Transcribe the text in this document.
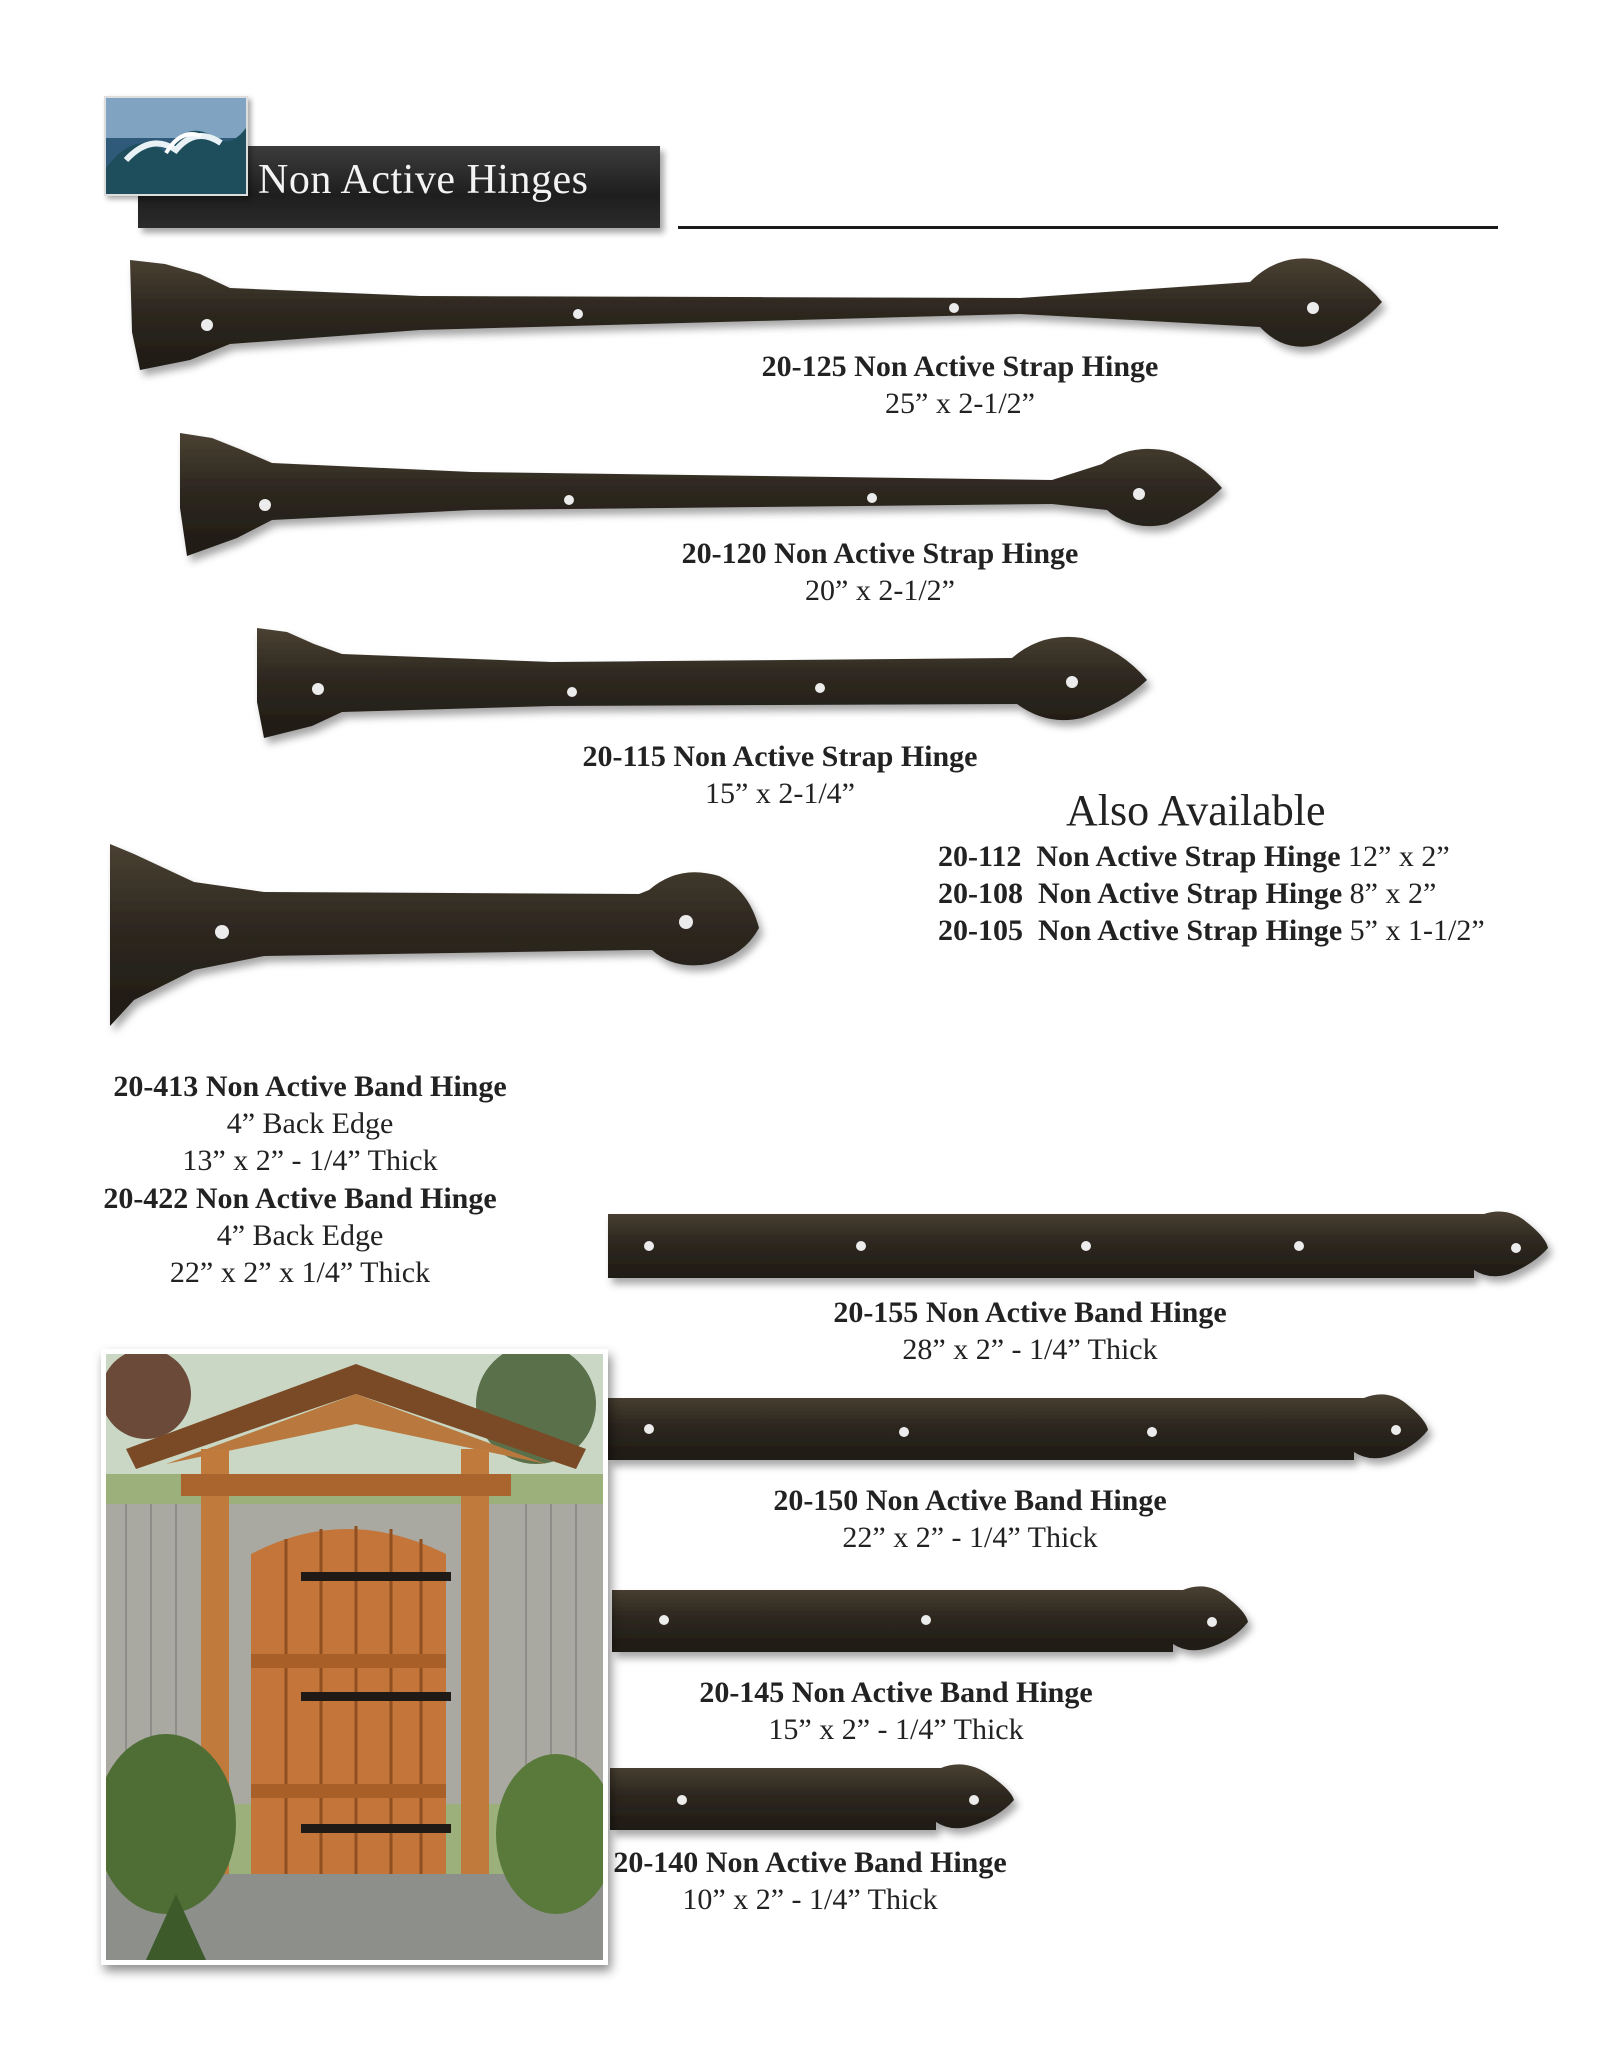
Non Active Hinges
20-125 Non Active Strap Hinge
25” x 2-1/2”
20-120 Non Active Strap Hinge
20” x 2-1/2”
20-115 Non Active Strap Hinge
15” x 2-1/4”	Also Available
20-112 Non Active Strap Hinge 12” x 2”
20-108 Non Active Strap Hinge 8” x 2”
20-105 Non Active Strap Hinge 5” x 1-1/2”
20-413 Non Active Band Hinge
4” Back Edge
13” x 2” - 1/4” Thick
20-422 Non Active Band Hinge
4” Back Edge
22” x 2” x 1/4” Thick
20-155 Non Active Band Hinge
28” x 2” - 1/4” Thick
20-150 Non Active Band Hinge
22” x 2” - 1/4” Thick
20-145 Non Active Band Hinge
15” x 2” - 1/4” Thick
20-140 Non Active Band Hinge
10” x 2” - 1/4” Thick
